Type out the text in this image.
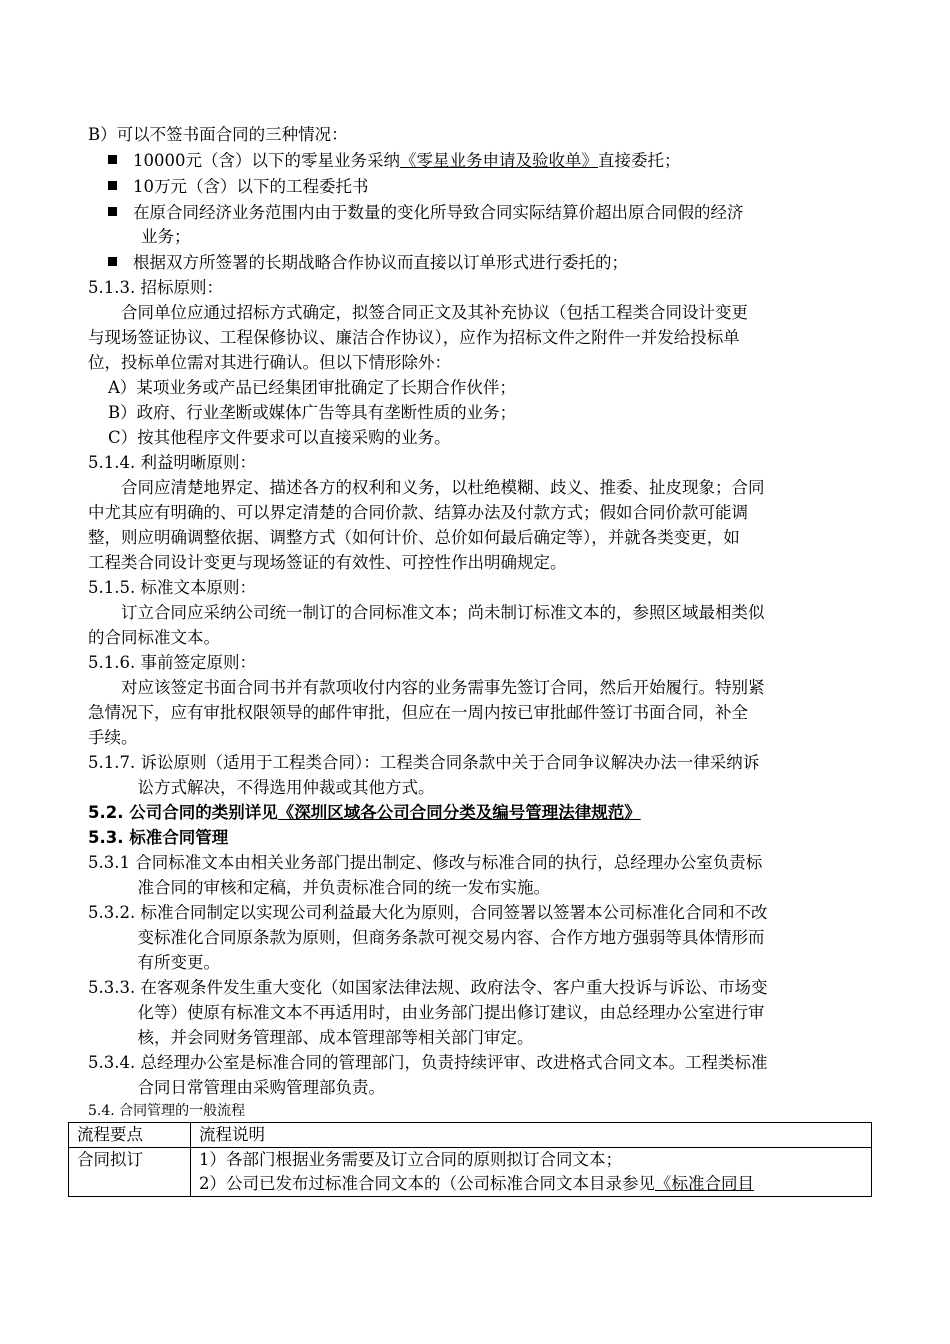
B）可以不签书面合同的三种情况：
10000元（含）以下的零星业务采纳《零星业务申请及验收单》直接委托；
10万元（含）以下的工程委托书
在原合同经济业务范围内由于数量的变化所导致合同实际结算价超出原合同假的经济
业务；
根据双方所签署的长期战略合作协议而直接以订单形式进行委托的；
5.1.3. 招标原则：
　　合同单位应通过招标方式确定，拟签合同正文及其补充协议（包括工程类合同设计变更
与现场签证协议、工程保修协议、廉洁合作协议），应作为招标文件之附件一并发给投标单
位，投标单位需对其进行确认。但以下情形除外：
A）某项业务或产品已经集团审批确定了长期合作伙伴；
B）政府、行业垄断或媒体广告等具有垄断性质的业务；
C）按其他程序文件要求可以直接采购的业务。
5.1.4. 利益明晰原则：
　　合同应清楚地界定、描述各方的权利和义务，以杜绝模糊、歧义、推委、扯皮现象；合同
中尤其应有明确的、可以界定清楚的合同价款、结算办法及付款方式；假如合同价款可能调
整，则应明确调整依据、调整方式（如何计价、总价如何最后确定等），并就各类变更，如
工程类合同设计变更与现场签证的有效性、可控性作出明确规定。
5.1.5. 标准文本原则：
　　订立合同应采纳公司统一制订的合同标准文本；尚未制订标准文本的，参照区域最相类似
的合同标准文本。
5.1.6. 事前签定原则：
　　对应该签定书面合同书并有款项收付内容的业务需事先签订合同，然后开始履行。特别紧
急情况下，应有审批权限领导的邮件审批，但应在一周内按已审批邮件签订书面合同，补全
手续。
5.1.7. 诉讼原则（适用于工程类合同）：工程类合同条款中关于合同争议解决办法一律采纳诉
　　　讼方式解决，不得选用仲裁或其他方式。
5.2. 公司合同的类别详见《深圳区域各公司合同分类及编号管理法律规范》
5.3. 标准合同管理
5.3.1 合同标准文本由相关业务部门提出制定、修改与标准合同的执行，总经理办公室负责标
　　　准合同的审核和定稿，并负责标准合同的统一发布实施。
5.3.2. 标准合同制定以实现公司利益最大化为原则，合同签署以签署本公司标准化合同和不改
　　　变标准化合同原条款为原则，但商务条款可视交易内容、合作方地方强弱等具体情形而
　　　有所变更。
5.3.3. 在客观条件发生重大变化（如国家法律法规、政府法令、客户重大投诉与诉讼、市场变
　　　化等）使原有标准文本不再适用时，由业务部门提出修订建议，由总经理办公室进行审
　　　核，并会同财务管理部、成本管理部等相关部门审定。
5.3.4. 总经理办公室是标准合同的管理部门，负责持续评审、改进格式合同文本。工程类标准
　　　合同日常管理由采购管理部负责。
5.4. 合同管理的一般流程
流程要点	流程说明
合同拟订	1）各部门根据业务需要及订立合同的原则拟订合同文本；
2）公司已发布过标准合同文本的（公司标准合同文本目录参见《标准合同目
